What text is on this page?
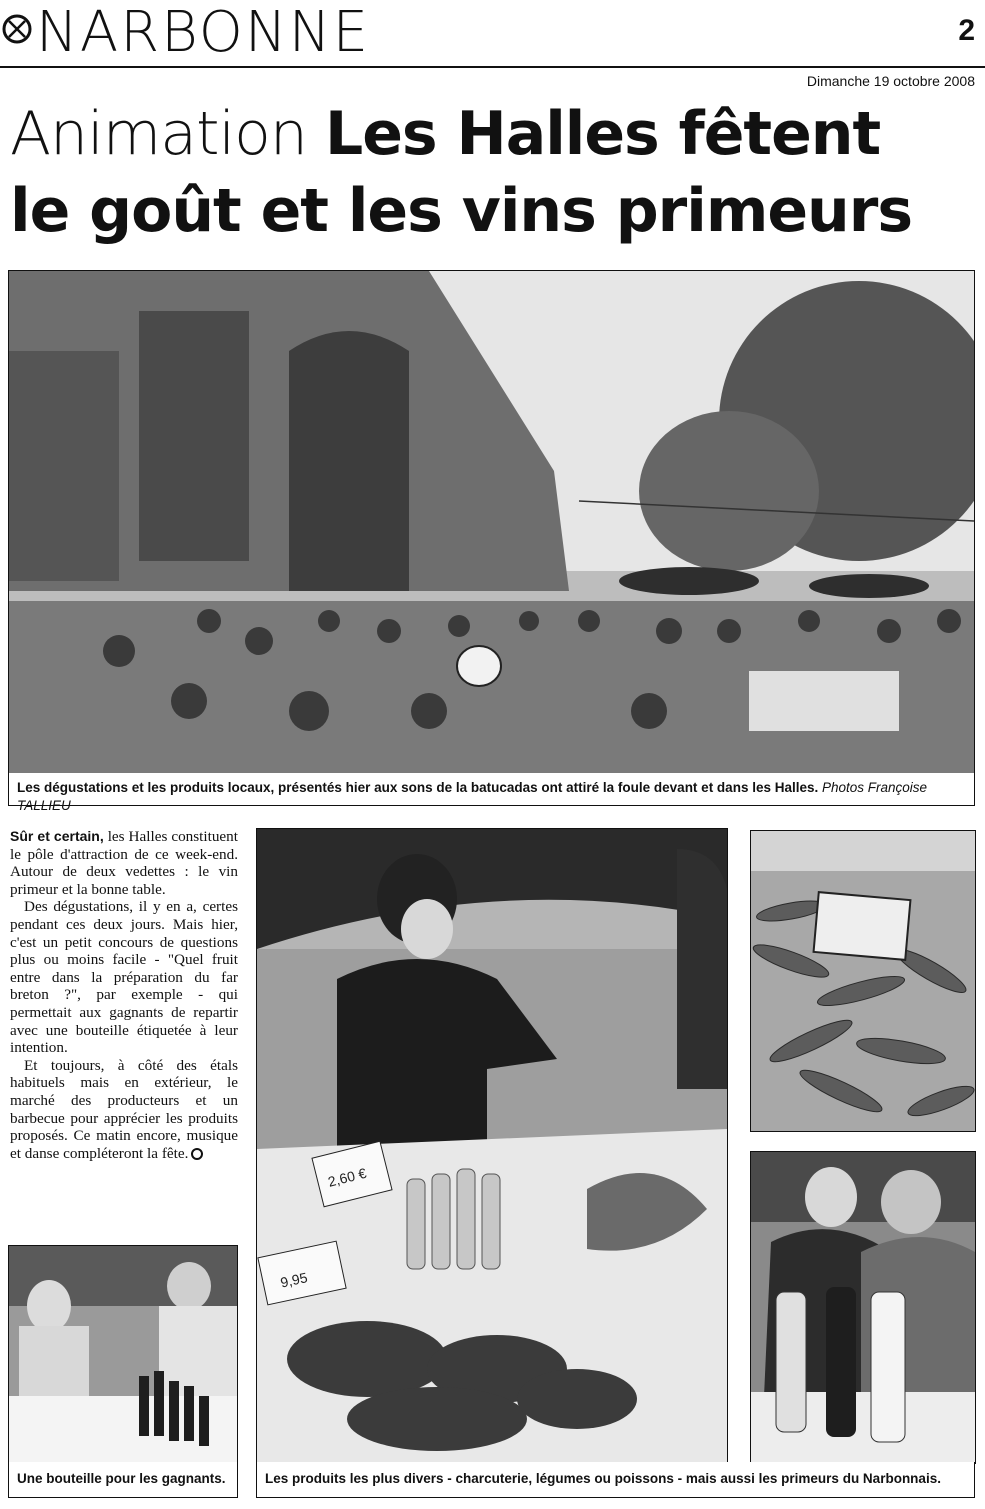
NARBONNE	2
Dimanche 19 octobre 2008
Animation Les Halles fêtent
le goût et les vins primeurs
Les dégustations et les produits locaux, présentés hier aux sons de la batucadas ont attiré la foule devant et dans les Halles. Photos Françoise TALLIEU

Sûr et certain, les Halles constituent le pôle d'attraction de ce week-end. Autour de deux vedettes : le vin primeur et la bonne table.

Des dégustations, il y en a, certes pendant ces deux jours. Mais hier, c'est un petit concours de questions plus ou moins facile - "Quel fruit entre dans la préparation du far breton ?", par exemple - qui permettait aux gagnants de repartir avec une bouteille étiquetée à leur intention.

Et toujours, à côté des étals habituels mais en extérieur, le marché des producteurs et un barbecue pour apprécier les produits proposés. Ce matin encore, musique et danse compléteront la fête.

Une bouteille pour les gagnants.
2,60 €
9,95
Les produits les plus divers - charcuterie, légumes ou poissons - mais aussi les primeurs du Narbonnais.
